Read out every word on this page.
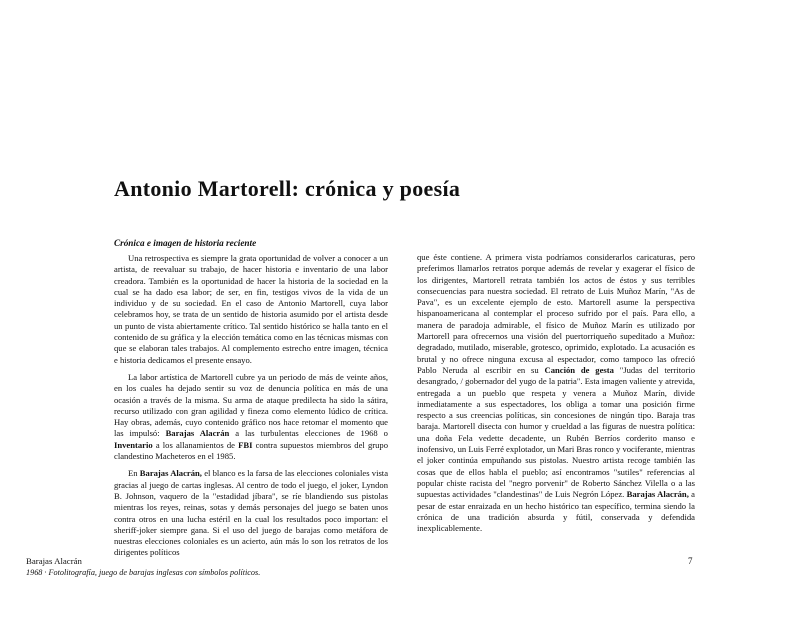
Antonio Martorell: crónica y poesía
Crónica e imagen de historia reciente

Una retrospectiva es siempre la grata oportunidad de volver a conocer a un artista, de reevaluar su trabajo, de hacer historia e inventario de una labor creadora. También es la oportunidad de hacer la historia de la sociedad en la cual se ha dado esa labor; de ser, en fin, testigos vivos de la vida de un individuo y de su sociedad. En el caso de Antonio Martorell, cuya labor celebramos hoy, se trata de un sentido de historia asumido por el artista desde un punto de vista abiertamente crítico. Tal sentido histórico se halla tanto en el contenido de su gráfica y la elección temática como en las técnicas mismas con que se elaboran tales trabajos. Al complemento estrecho entre imagen, técnica e historia dedicamos el presente ensayo.

La labor artística de Martorell cubre ya un periodo de más de veinte años, en los cuales ha dejado sentir su voz de denuncia política en más de una ocasión a través de la misma. Su arma de ataque predilecta ha sido la sátira, recurso utilizado con gran agilidad y fineza como elemento lúdico de crítica. Hay obras, además, cuyo contenido gráfico nos hace retomar el momento que las impulsó: Barajas Alacrán a las turbulentas elecciones de 1968 o Inventario a los allanamientos de FBI contra supuestos miembros del grupo clandestino Macheteros en el 1985.

En Barajas Alacrán, el blanco es la farsa de las elecciones coloniales vista gracias al juego de cartas inglesas. Al centro de todo el juego, el joker, Lyndon B. Johnson, vaquero de la "estadidad jíbara", se ríe blandiendo sus pistolas mientras los reyes, reinas, sotas y demás personajes del juego se baten unos contra otros en una lucha estéril en la cual los resultados poco importan: el sheriff-joker siempre gana. Si el uso del juego de barajas como metáfora de nuestras elecciones coloniales es un acierto, aún más lo son los retratos de los dirigentes políticos

que éste contiene. A primera vista podríamos considerarlos caricaturas, pero preferimos llamarlos retratos porque además de revelar y exagerar el físico de los dirigentes, Martorell retrata también los actos de éstos y sus terribles consecuencias para nuestra sociedad. El retrato de Luis Muñoz Marín, "As de Pava", es un excelente ejemplo de esto. Martorell asume la perspectiva hispanoamericana al contemplar el proceso sufrido por el país. Para ello, a manera de paradoja admirable, el físico de Muñoz Marín es utilizado por Martorell para ofrecernos una visión del puertorriqueño supeditado a Muñoz: degradado, mutilado, miserable, grotesco, oprimido, explotado. La acusación es brutal y no ofrece ninguna excusa al espectador, como tampoco las ofreció Pablo Neruda al escribir en su Canción de gesta "Judas del territorio desangrado, / gobernador del yugo de la patria". Esta imagen valiente y atrevida, entregada a un pueblo que respeta y venera a Muñoz Marín, divide inmediatamente a sus espectadores, los obliga a tomar una posición firme respecto a sus creencias políticas, sin concesiones de ningún tipo. Baraja tras baraja. Martorell disecta con humor y crueldad a las figuras de nuestra política: una doña Fela vedette decadente, un Rubén Berríos corderito manso e inofensivo, un Luis Ferré explotador, un Mari Bras ronco y vociferante, mientras el joker continúa empuñando sus pistolas. Nuestro artista recoge también las cosas que de ellos habla el pueblo; así encontramos "sutiles" referencias al popular chiste racista del "negro porvenir" de Roberto Sánchez Vilella o a las supuestas actividades "clandestinas" de Luis Negrón López. Barajas Alacrán, a pesar de estar enraizada en un hecho histórico tan específico, termina siendo la crónica de una tradición absurda y fútil, conservada y defendida inexplicablemente.

Barajas Alacrán
1968 · Fotolitografía, juego de barajas inglesas con símbolos políticos.
7
